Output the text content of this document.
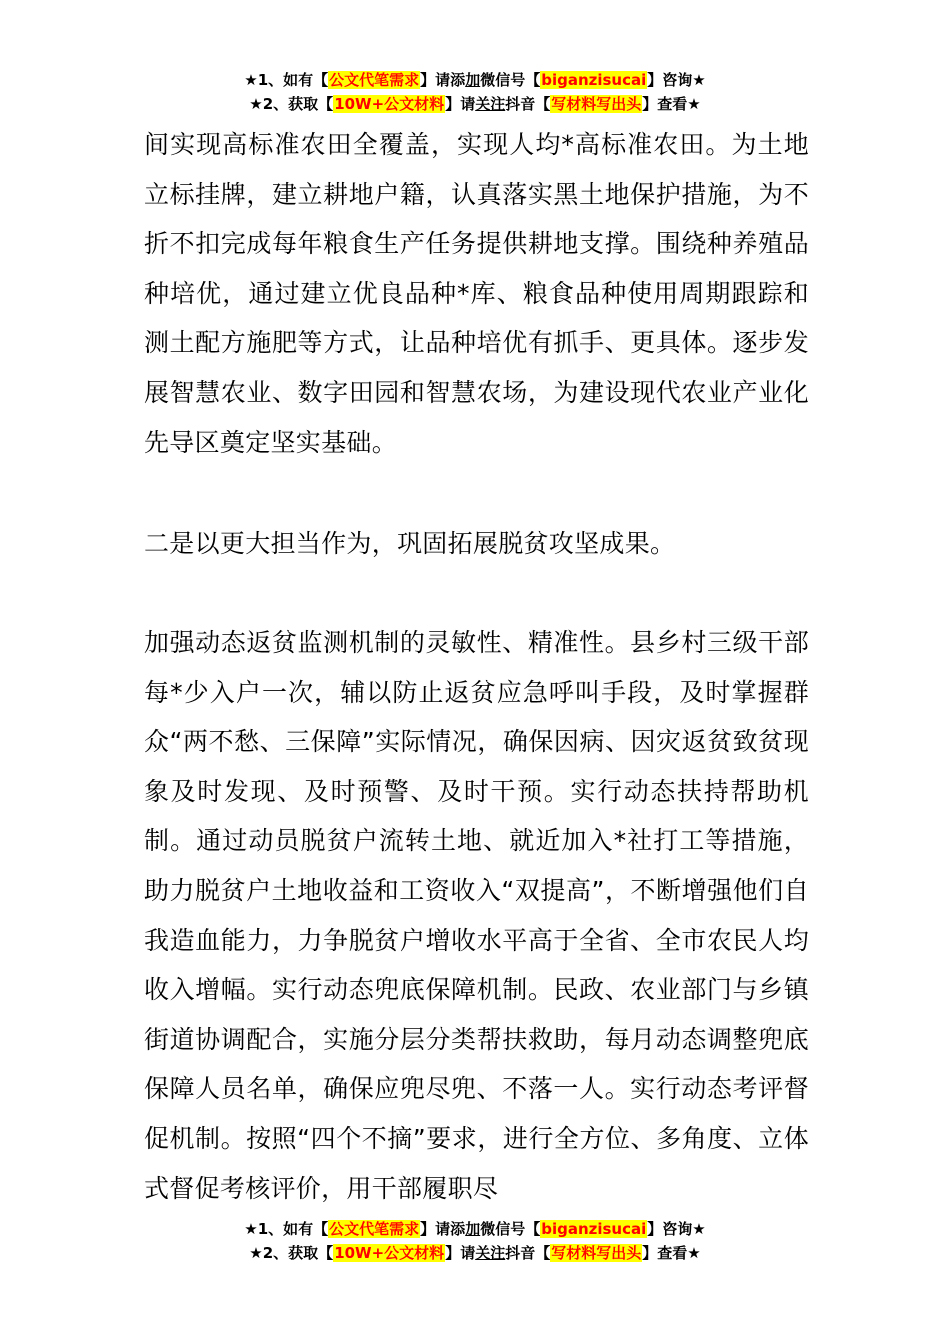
★1、如有【公文代笔需求】请添加微信号【biganzisucai】咨询★
★2、获取【10W+公文材料】请关注抖音【写材料写出头】查看★

间实现高标准农田全覆盖，实现人均*高标准农田。为土地立标挂牌，建立耕地户籍，认真落实黑土地保护措施，为不折不扣完成每年粮食生产任务提供耕地支撑。围绕种养殖品种培优，通过建立优良品种*库、粮食品种使用周期跟踪和测土配方施肥等方式，让品种培优有抓手、更具体。逐步发展智慧农业、数字田园和智慧农场，为建设现代农业产业化先导区奠定坚实基础。

二是以更大担当作为，巩固拓展脱贫攻坚成果。

加强动态返贫监测机制的灵敏性、精准性。县乡村三级干部每*少入户一次，辅以防止返贫应急呼叫手段，及时掌握群众“两不愁、三保障”实际情况，确保因病、因灾返贫致贫现象及时发现、及时预警、及时干预。实行动态扶持帮助机制。通过动员脱贫户流转土地、就近加入*社打工等措施，助力脱贫户土地收益和工资收入“双提高”，不断增强他们自我造血能力，力争脱贫户增收水平高于全省、全市农民人均收入增幅。实行动态兜底保障机制。民政、农业部门与乡镇街道协调配合，实施分层分类帮扶救助，每月动态调整兜底保障人员名单，确保应兜尽兜、不落一人。实行动态考评督促机制。按照“四个不摘”要求，进行全方位、多角度、立体式督促考核评价，用干部履职尽

★1、如有【公文代笔需求】请添加微信号【biganzisucai】咨询★
★2、获取【10W+公文材料】请关注抖音【写材料写出头】查看★
